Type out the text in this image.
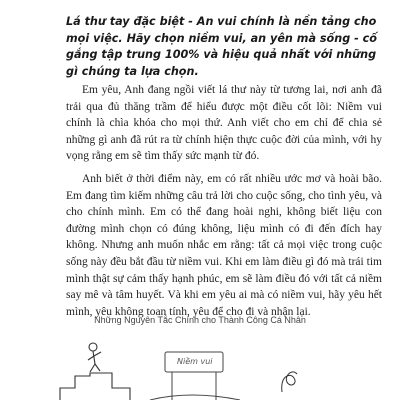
Lá thư tay đặc biệt - An vui chính là nền tảng cho mọi việc. Hãy chọn niềm vui, an yên mà sống - cố gắng tập trung 100% và hiệu quả nhất với những gì chúng ta lựa chọn.

Em yêu, Anh đang ngồi viết lá thư này từ tương lai, nơi anh đã trải qua đủ thăng trầm để hiểu được một điều cốt lõi: Niềm vui chính là chìa khóa cho mọi thứ. Anh viết cho em chỉ để chia sẻ những gì anh đã rút ra từ chính hiện thực cuộc đời của mình, với hy vọng rằng em sẽ tìm thấy sức mạnh từ đó.

Anh biết ở thời điểm này, em có rất nhiều ước mơ và hoài bão. Em đang tìm kiếm những câu trả lời cho cuộc sống, cho tình yêu, và cho chính mình. Em có thể đang hoài nghi, không biết liệu con đường mình chọn có đúng không, liệu mình có đi đến đích hay không. Nhưng anh muốn nhắc em rằng: tất cả mọi việc trong cuộc sống này đều bắt đầu từ niềm vui. Khi em làm điều gì đó mà trái tim mình thật sự cảm thấy hạnh phúc, em sẽ làm điều đó với tất cả niềm say mê và tâm huyết. Và khi em yêu ai mà có niềm vui, hãy yêu hết mình, yêu không toan tính, yêu để cho đi và nhận lại.

Những Nguyên Tắc Chính cho Thành Công Cá Nhân

Niềm vui
